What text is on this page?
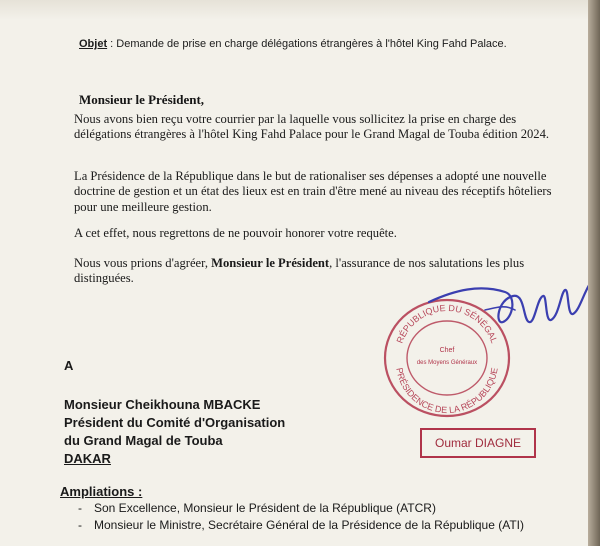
Objet : Demande de prise en charge délégations étrangères à l'hôtel King Fahd Palace.
Monsieur le Président,
Nous avons bien reçu votre courrier par la laquelle vous sollicitez la prise en charge des délégations étrangères à l'hôtel King Fahd Palace pour le Grand Magal de Touba édition 2024.
La Présidence de la République dans le but de rationaliser ses dépenses a adopté une nouvelle doctrine de gestion et un état des lieux est en train d'être mené au niveau des réceptifs hôteliers pour une meilleure gestion.
A cet effet, nous regrettons de ne pouvoir honorer votre requête.
Nous vous prions d'agréer, Monsieur le Président, l'assurance de nos salutations les plus distinguées.
RÉPUBLIQUE DU SÉNÉGAL
PRÉSIDENCE DE LA RÉPUBLIQUE
Chef
des Moyens Généraux
A
Monsieur Cheikhouna MBACKE
Président du Comité d'Organisation
du Grand Magal de Touba
DAKAR
Oumar DIAGNE
Ampliations :
- Son Excellence, Monsieur le Président de la République (ATCR)
- Monsieur le Ministre, Secrétaire Général de la Présidence de la République (ATI)
